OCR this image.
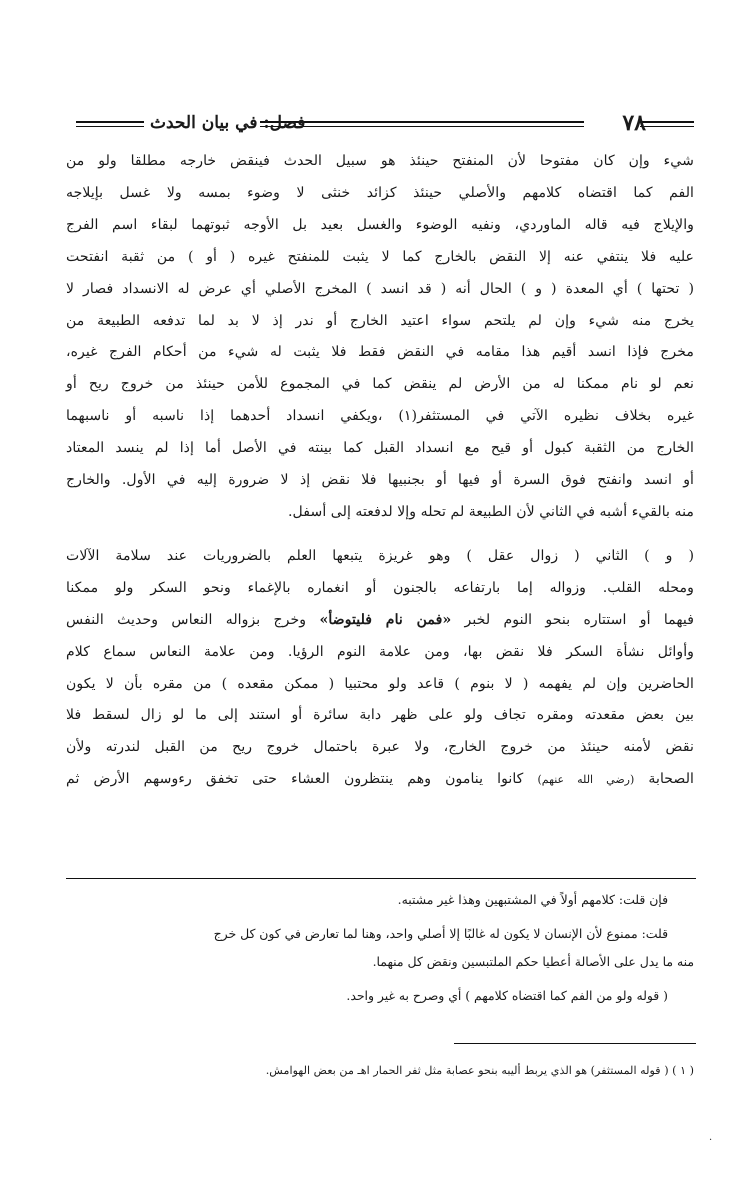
٧٨
فصل: في بيان الحدث

شيء وإن كان مفتوحا لأن المنفتح حينئذ هو سبيل الحدث فينقض خارجه مطلقا ولو من

الفم كما اقتضاه كلامهم والأصلي حينئذ كزائد خنثى لا وضوء بمسه ولا غسل بإيلاجه

والإيلاج فيه قاله الماوردي، ونفيه الوضوء والغسل بعيد بل الأوجه ثبوتهما لبقاء اسم الفرج

عليه فلا ينتفي عنه إلا النقض بالخارج كما لا يثبت للمنفتح غيره ( أو ) من ثقبة انفتحت

( تحتها ) أي المعدة ( و ) الحال أنه ( قد انسد ) المخرج الأصلي أي عرض له الانسداد فصار لا

يخرج منه شيء وإن لم يلتحم سواء اعتيد الخارج أو ندر إذ لا بد لما تدفعه الطبيعة من

مخرج فإذا انسد أقيم هذا مقامه في النقض فقط فلا يثبت له شيء من أحكام الفرج غيره،

نعم لو نام ممكنا له من الأرض لم ينقض كما في المجموع للأمن حينئذ من خروج ريح أو

غيره بخلاف نظيره الآتي في المستثفر(١) ،ويكفي انسداد أحدهما إذا ناسبه أو ناسبهما

الخارج من الثقبة كبول أو قيح مع انسداد القبل كما بينته في الأصل أما إذا لم ينسد المعتاد

أو انسد وانفتح فوق السرة أو فيها أو بجنبيها فلا نقض إذ لا ضرورة إليه في الأول. والخارج

منه بالقيء أشبه في الثاني لأن الطبيعة لم تحله وإلا لدفعته إلى أسفل.

( و ) الثاني ( زوال عقل ) وهو غريزة يتبعها العلم بالضروريات عند سلامة الآلات

ومحله القلب. وزواله إما بارتفاعه بالجنون أو انغماره بالإغماء ونحو السكر ولو ممكنا

فيهما أو استتاره بنحو النوم لخبر «فمن نام فليتوضأ» وخرج بزواله النعاس وحديث النفس

وأوائل نشأة السكر فلا نقض بها، ومن علامة النوم الرؤيا. ومن علامة النعاس سماع كلام

الحاضرين وإن لم يفهمه ( لا بنوم ) قاعد ولو محتبيا ( ممكن مقعده ) من مقره بأن لا يكون

بين بعض مقعدته ومقره تجاف ولو على ظهر دابة سائرة أو استند إلى ما لو زال لسقط فلا

نقض لأمنه حينئذ من خروج الخارج، ولا عبرة باحتمال خروج ريح من القبل لندرته ولأن

الصحابة (رضي الله عنهم) كانوا ينامون وهم ينتظرون العشاء حتى تخفق رءوسهم الأرض ثم

فإن قلت: كلامهم أولاً في المشتبهين وهذا غير مشتبه.

قلت: ممنوع لأن الإنسان لا يكون له غالبًا إلا أصلي واحد، وهنا لما تعارض في كون كل خرج

منه ما يدل على الأصالة أعطيا حكم الملتبسين ونقض كل منهما.

( قوله ولو من الفم كما اقتضاه كلامهم ) أي وصرح به غير واحد.

( ١ ) ( قوله المستثفر) هو الذي يربط أليبه بنحو عصابة مثل ثفر الحمار اهـ من بعض الهوامش.
·
